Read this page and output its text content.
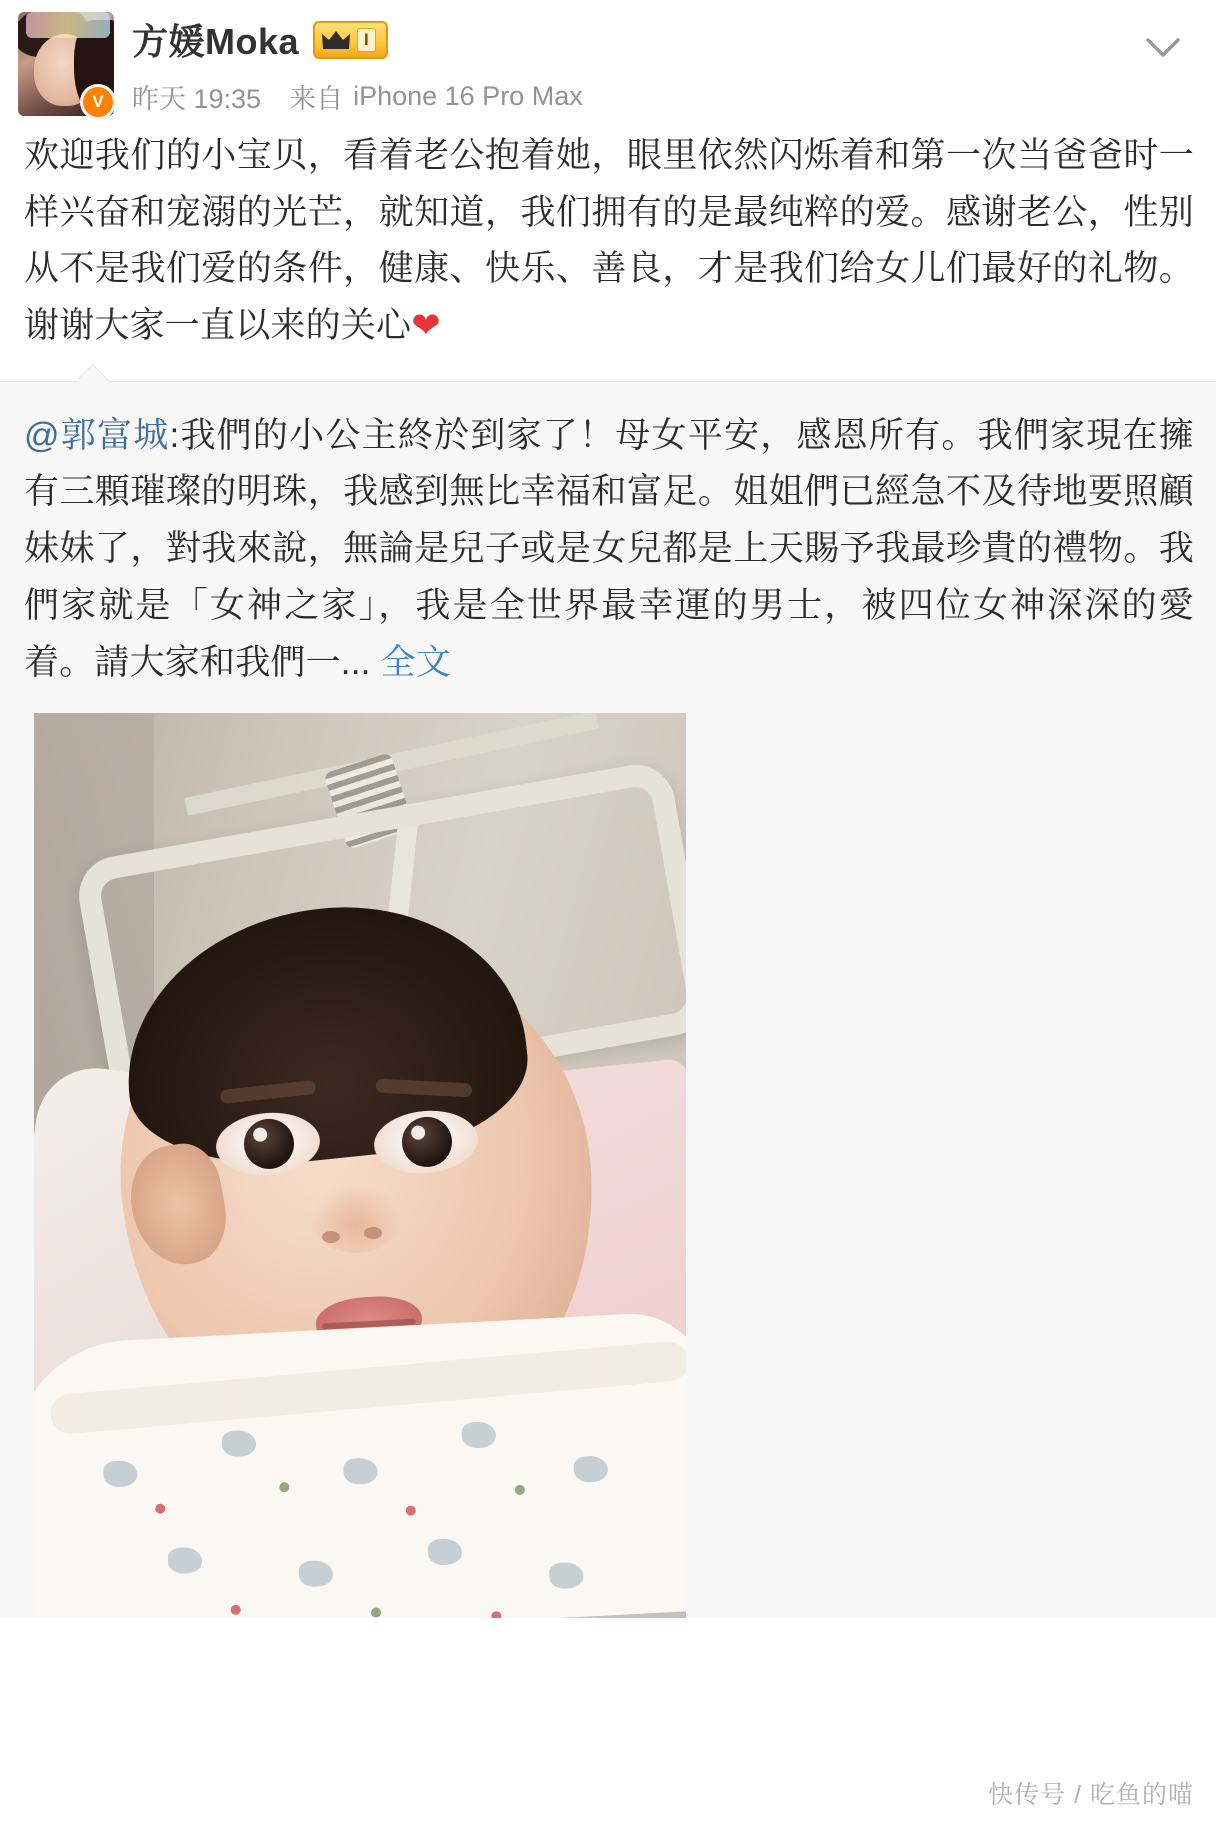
V
方媛Moka	I
昨天 19:35 来自 iPhone 16 Pro Max
欢迎我们的小宝贝，看着老公抱着她，眼里依然闪烁着和第一次当爸爸时一样兴奋和宠溺的光芒，就知道，我们拥有的是最纯粹的爱。感谢老公，性别从不是我们爱的条件，健康、快乐、善良，才是我们给女儿们最好的礼物。谢谢大家一直以来的关心❤
@郭富城:我們的小公主終於到家了！母女平安，感恩所有。我們家現在擁有三顆璀璨的明珠，我感到無比幸福和富足。姐姐們已經急不及待地要照顧妹妹了，對我來說，無論是兒子或是女兒都是上天賜予我最珍貴的禮物。我們家就是「女神之家」，我是全世界最幸運的男士，被四位女神深深的愛着。請大家和我們一... 全文
快传号 / 吃鱼的喵
